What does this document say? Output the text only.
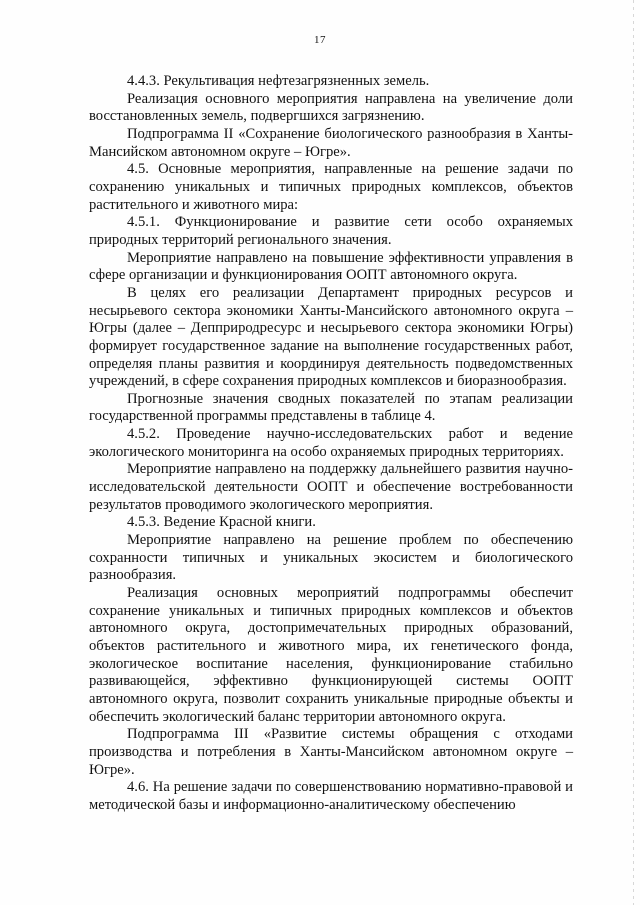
17

4.4.3. Рекультивация нефтезагрязненных земель.

Реализация основного мероприятия направлена на увеличение доли восстановленных земель, подвергшихся загрязнению.

Подпрограмма II «Сохранение биологического разнообразия в Ханты-Мансийском автономном округе – Югре».

4.5. Основные мероприятия, направленные на решение задачи по сохранению уникальных и типичных природных комплексов, объектов растительного и животного мира:

4.5.1. Функционирование и развитие сети особо охраняемых природных территорий регионального значения.

Мероприятие направлено на повышение эффективности управления в сфере организации и функционирования ООПТ автономного округа.

В целях его реализации Департамент природных ресурсов и несырьевого сектора экономики Ханты-Мансийского автономного округа – Югры (далее – Депприродресурс и несырьевого сектора экономики Югры) формирует государственное задание на выполнение государственных работ, определяя планы развития и координируя деятельность подведомственных учреждений, в сфере сохранения природных комплексов и биоразнообразия.

Прогнозные значения сводных показателей по этапам реализации государственной программы представлены в таблице 4.

4.5.2. Проведение научно-исследовательских работ и ведение экологического мониторинга на особо охраняемых природных территориях.

Мероприятие направлено на поддержку дальнейшего развития научно-исследовательской деятельности ООПТ и обеспечение востребованности результатов проводимого экологического мероприятия.

4.5.3. Ведение Красной книги.

Мероприятие направлено на решение проблем по обеспечению сохранности типичных и уникальных экосистем и биологического разнообразия.

Реализация основных мероприятий подпрограммы обеспечит сохранение уникальных и типичных природных комплексов и объектов автономного округа, достопримечательных природных образований, объектов растительного и животного мира, их генетического фонда, экологическое воспитание населения, функционирование стабильно развивающейся, эффективно функционирующей системы ООПТ автономного округа, позволит сохранить уникальные природные объекты и обеспечить экологический баланс территории автономного округа.

Подпрограмма III «Развитие системы обращения с отходами производства и потребления в Ханты-Мансийском автономном округе – Югре».

4.6. На решение задачи по совершенствованию нормативно-правовой и методической базы и информационно-аналитическому обеспечению
